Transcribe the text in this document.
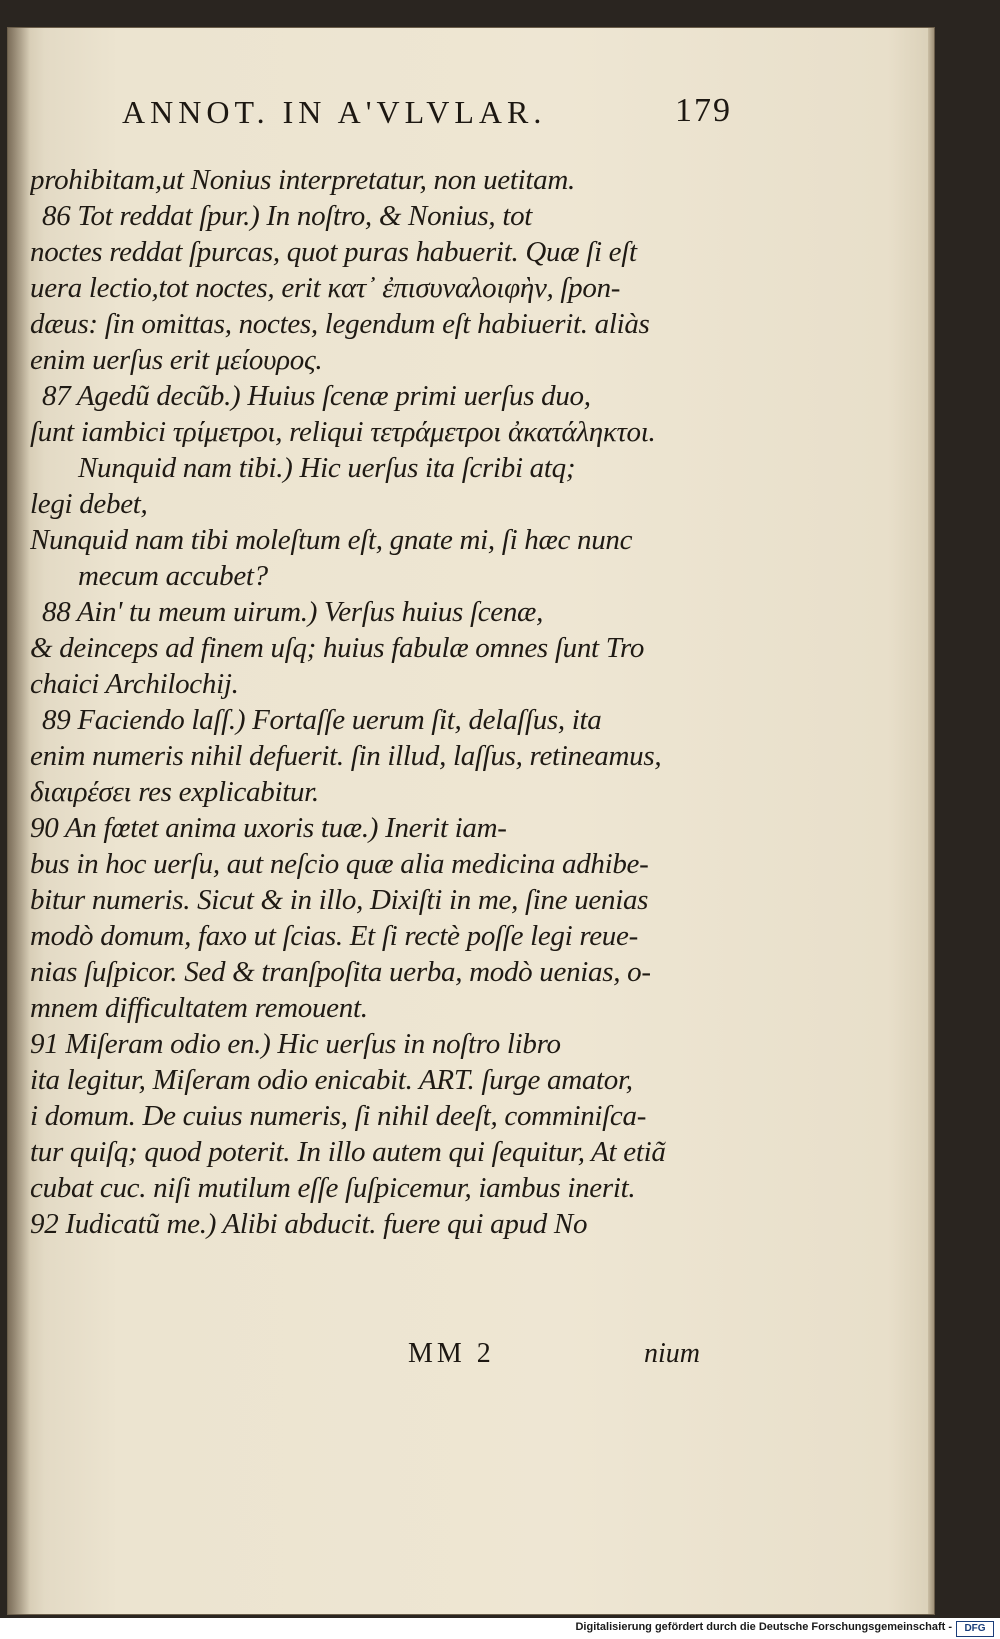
ANNOT. IN A'VLVLAR.	179
prohibitam,ut Nonius interpretatur, non uetitam.
86 Tot reddat ſpur.) In noſtro, & Nonius, tot
noctes reddat ſpurcas, quot puras habuerit. Quæ ſi eſt
uera lectio,tot noctes, erit κατ᾽ ἐπισυναλοιφὴν, ſpon-
dæus: ſin omittas, noctes, legendum eſt habiuerit. aliàs
enim uerſus erit μείουρος.
87 Agedũ decũb.) Huius ſcenæ primi uerſus duo,
ſunt iambici τρίμετροι, reliqui τετράμετροι ἀκατάληκτοι.
Nunquid nam tibi.) Hic uerſus ita ſcribi atq;
legi debet,
Nunquid nam tibi moleſtum eſt, gnate mi, ſi hæc nunc
mecum accubet?
88 Ain' tu meum uirum.) Verſus huius ſcenæ,
& deinceps ad finem uſq; huius fabulæ omnes ſunt Tro
chaici Archilochij.
89 Faciendo laſſ.) Fortaſſe uerum ſit, delaſſus, ita
enim numeris nihil defuerit. ſin illud, laſſus, retineamus,
διαιρέσει res explicabitur.
90 An fœtet anima uxoris tuæ.) Inerit iam-
bus in hoc uerſu, aut neſcio quæ alia medicina adhibe-
bitur numeris. Sicut & in illo, Dixiſti in me, ſine uenias
modò domum, faxo ut ſcias. Et ſi rectè poſſe legi reue-
nias ſuſpicor. Sed & tranſpoſita uerba, modò uenias, o-
mnem difficultatem remouent.
91 Miſeram odio en.) Hic uerſus in noſtro libro
ita legitur, Miſeram odio enicabit. ART. ſurge amator,
i domum. De cuius numeris, ſi nihil deeſt, comminiſca-
tur quiſq; quod poterit. In illo autem qui ſequitur, At etiã
cubat cuc. niſi mutilum eſſe ſuſpicemur, iambus inerit.
92 Iudicatũ me.) Alibi abducit. fuere qui apud No
MM 2	nium
Digitalisierung gefördert durch die Deutsche Forschungsgemeinschaft -	DFG
